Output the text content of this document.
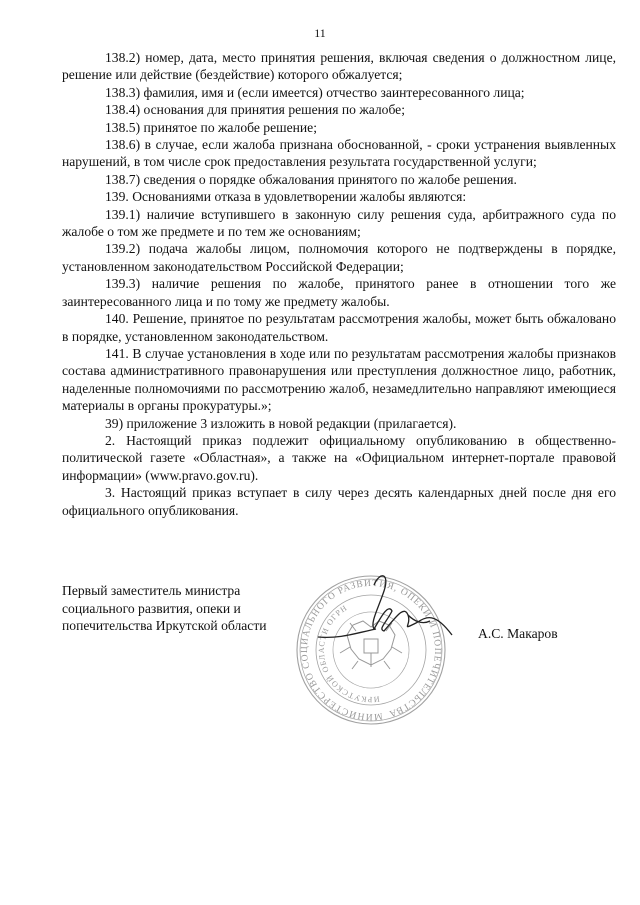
11

138.2) номер, дата, место принятия решения, включая сведения о должностном лице, решение или действие (бездействие) которого обжалуется;

138.3) фамилия, имя и (если имеется) отчество заинтересованного лица;

138.4) основания для принятия решения по жалобе;

138.5) принятое по жалобе решение;

138.6) в случае, если жалоба признана обоснованной, - сроки устранения выявленных нарушений, в том числе срок предоставления результата государственной услуги;

138.7) сведения о порядке обжалования принятого по жалобе решения.

139. Основаниями отказа в удовлетворении жалобы являются:

139.1) наличие вступившего в законную силу решения суда, арбитражного суда по жалобе о том же предмете и по тем же основаниям;

139.2) подача жалобы лицом, полномочия которого не подтверждены в порядке, установленном законодательством Российской Федерации;

139.3) наличие решения по жалобе, принятого ранее в отношении того же заинтересованного лица и по тому же предмету жалобы.

140. Решение, принятое по результатам рассмотрения жалобы, может быть обжаловано в порядке, установленном законодательством.

141. В случае установления в ходе или по результатам рассмотрения жалобы признаков состава административного правонарушения или преступления должностное лицо, работник, наделенные полномочиями по рассмотрению жалоб, незамедлительно направляют имеющиеся материалы в органы прокуратуры.»;

39) приложение 3 изложить в новой редакции (прилагается).

2. Настоящий приказ подлежит официальному опубликованию в общественно-политической газете «Областная», а также на «Официальном интернет-портале правовой информации» (www.pravo.gov.ru).

3. Настоящий приказ вступает в силу через десять календарных дней после дня его официального опубликования.

Первый заместитель министра
социального развития, опеки и
попечительства Иркутской области
МИНИСТЕРСТВО СОЦИАЛЬНОГО РАЗВИТИЯ, ОПЕКИ И ПОПЕЧИТЕЛЬСТВА
ИРКУТСКОЙ ОБЛАСТИ ОГРН
А.С. Макаров
